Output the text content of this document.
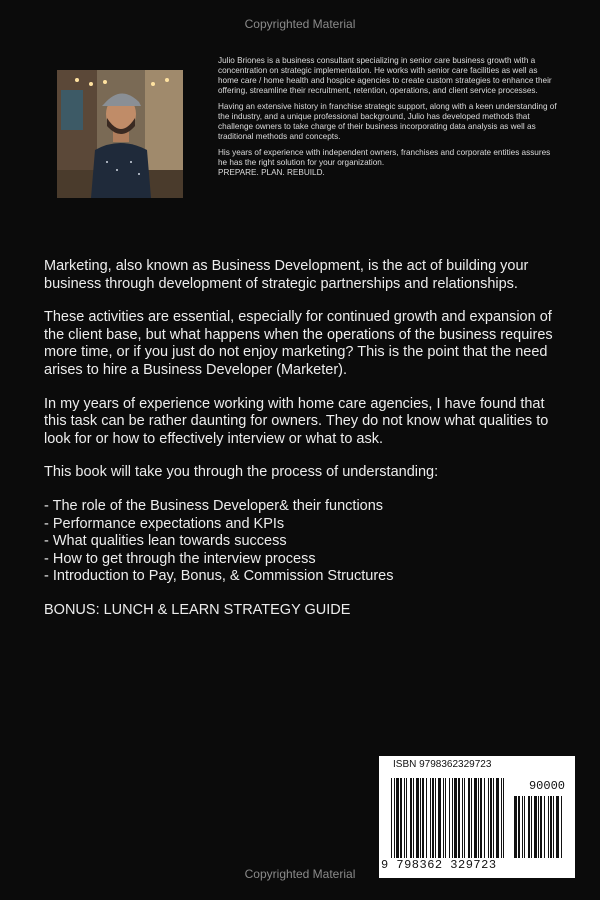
Copyrighted Material

Julio Briones is a business consultant specializing in senior care business growth with a concentration on strategic implementation. He works with senior care facilities as well as home care / home health and hospice agencies to create custom strategies to enhance their offering, streamline their recruitment, retention, operations, and client service processes.

Having an extensive history in franchise strategic support, along with a keen understanding of the industry, and a unique professional background, Julio has developed methods that challenge owners to take charge of their business incorporating data analysis as well as traditional methods and concepts.

His years of experience with independent owners, franchises and corporate entities assures he has the right solution for your organization.

PREPARE. PLAN. REBUILD.

Marketing, also known as Business Development, is the act of building your business through development of strategic partnerships and relationships.

These activities are essential, especially for continued growth and expansion of the client base, but what happens when the operations of the business requires more time, or if you just do not enjoy marketing? This is the point that the need arises to hire a Business Developer (Marketer).

In my years of experience working with home care agencies, I have found that this task can be rather daunting for owners. They do not know what qualities to look for or how to effectively interview or what to ask.

This book will take you through the process of understanding:

- The role of the Business Developer& their functions
- Performance expectations and KPIs
- What qualities lean towards success
- How to get through the interview process
- Introduction to Pay, Bonus, & Commission Structures

BONUS: LUNCH & LEARN STRATEGY GUIDE

ISBN 9798362329723
90000
9 798362 329723
Copyrighted Material
